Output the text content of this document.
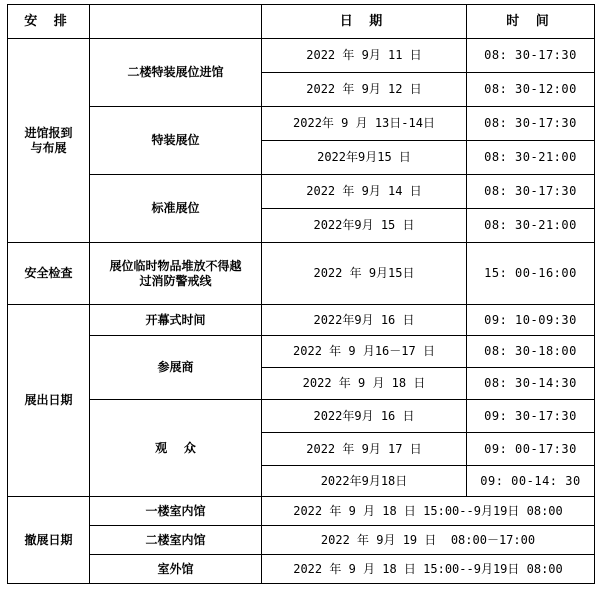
安 排		日 期	时 间

进馆报到
与布展	二楼特装展位进馆	2022 年 9月 11 日	08: 30-17:30
		2022 年 9月 12 日	08: 30-12:00
	特装展位	2022年 9 月 13日-14日	08: 30-17:30
		2022年9月15 日	08: 30-21:00
	标准展位	2022 年 9月 14 日	08: 30-17:30
		2022年9月 15 日	08: 30-21:00
安全检查	展位临时物品堆放不得越
过消防警戒线	2022 年 9月15日	15: 00-16:00
展出日期	开幕式时间	2022年9月 16 日	09: 10-09:30
	参展商	2022 年 9 月16－17 日	08: 30-18:00
		2022 年 9 月 18 日	08: 30-14:30
	观    众	2022年9月 16 日	09: 30-17:30
		2022 年 9月 17 日	09: 00-17:30
		2022年9月18日	09: 00-14: 30
撤展日期	一楼室内馆	2022 年 9 月 18 日 15:00--9月19日 08:00	
	二楼室内馆	2022 年 9月 19 日  08:00－17:00	
	室外馆	2022 年 9 月 18 日 15:00--9月19日 08:00	
